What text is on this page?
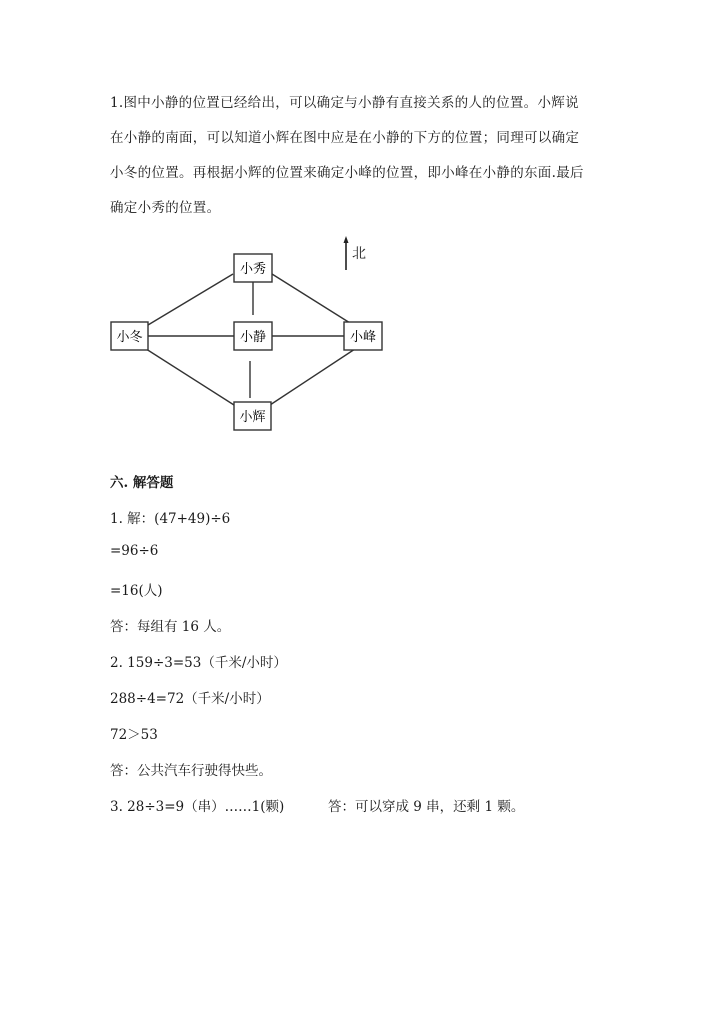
1.图中小静的位置已经给出，可以确定与小静有直接关系的人的位置。小辉说
在小静的南面，可以知道小辉在图中应是在小静的下方的位置；同理可以确定
小冬的位置。再根据小辉的位置来确定小峰的位置，即小峰在小静的东面.最后
确定小秀的位置。
北
小秀
小冬	小静	小峰
小辉
六. 解答题
1. 解：(47+49)÷6
=96÷6
=16(人)
答：每组有 16 人。
2. 159÷3=53（千米/小时）
288÷4=72（千米/小时）
72＞53
答：公共汽车行驶得快些。
3. 28÷3=9（串）……1(颗)	答：可以穿成 9 串，还剩 1 颗。
